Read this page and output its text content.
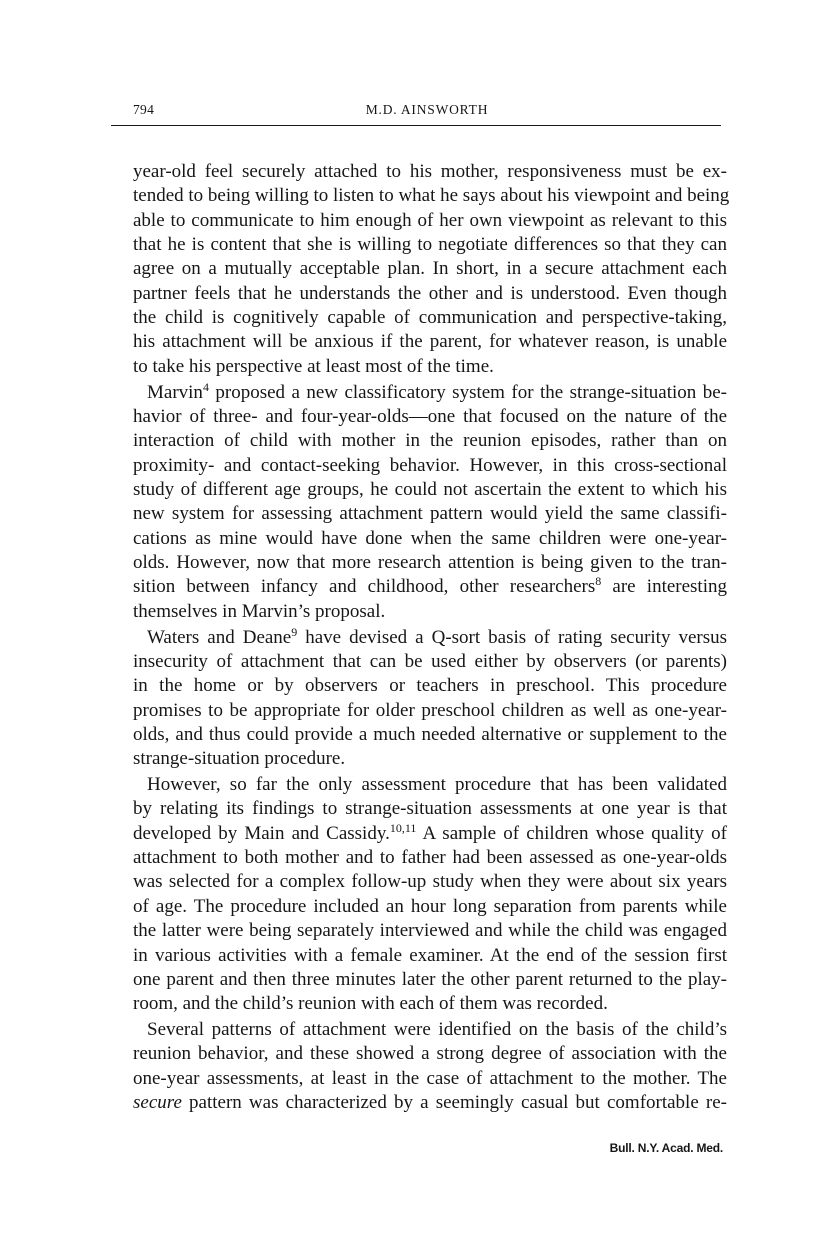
794	M.D. AINSWORTH
year-old feel securely attached to his mother, responsiveness must be ex-
tended to being willing to listen to what he says about his viewpoint and being
able to communicate to him enough of her own viewpoint as relevant to this
that he is content that she is willing to negotiate differences so that they can
agree on a mutually acceptable plan. In short, in a secure attachment each
partner feels that he understands the other and is understood. Even though
the child is cognitively capable of communication and perspective-taking,
his attachment will be anxious if the parent, for whatever reason, is unable
to take his perspective at least most of the time.
Marvin$^4$ proposed a new classificatory system for the strange-situation be-
havior of three- and four-year-olds—one that focused on the nature of the
interaction of child with mother in the reunion episodes, rather than on
proximity- and contact-seeking behavior. However, in this cross-sectional
study of different age groups, he could not ascertain the extent to which his
new system for assessing attachment pattern would yield the same classifi-
cations as mine would have done when the same children were one-year-
olds. However, now that more research attention is being given to the tran-
sition between infancy and childhood, other researchers$^8$ are interesting
themselves in Marvin’s proposal.
Waters and Deane$^9$ have devised a Q-sort basis of rating security versus
insecurity of attachment that can be used either by observers (or parents)
in the home or by observers or teachers in preschool. This procedure
promises to be appropriate for older preschool children as well as one-year-
olds, and thus could provide a much needed alternative or supplement to the
strange-situation procedure.
However, so far the only assessment procedure that has been validated
by relating its findings to strange-situation assessments at one year is that
developed by Main and Cassidy.$^{10,11}$ A sample of children whose quality of
attachment to both mother and to father had been assessed as one-year-olds
was selected for a complex follow-up study when they were about six years
of age. The procedure included an hour long separation from parents while
the latter were being separately interviewed and while the child was engaged
in various activities with a female examiner. At the end of the session first
one parent and then three minutes later the other parent returned to the play-
room, and the child’s reunion with each of them was recorded.
Several patterns of attachment were identified on the basis of the child’s
reunion behavior, and these showed a strong degree of association with the
one-year assessments, at least in the case of attachment to the mother. The
secure pattern was characterized by a seemingly casual but comfortable re-
Bull. N.Y. Acad. Med.
